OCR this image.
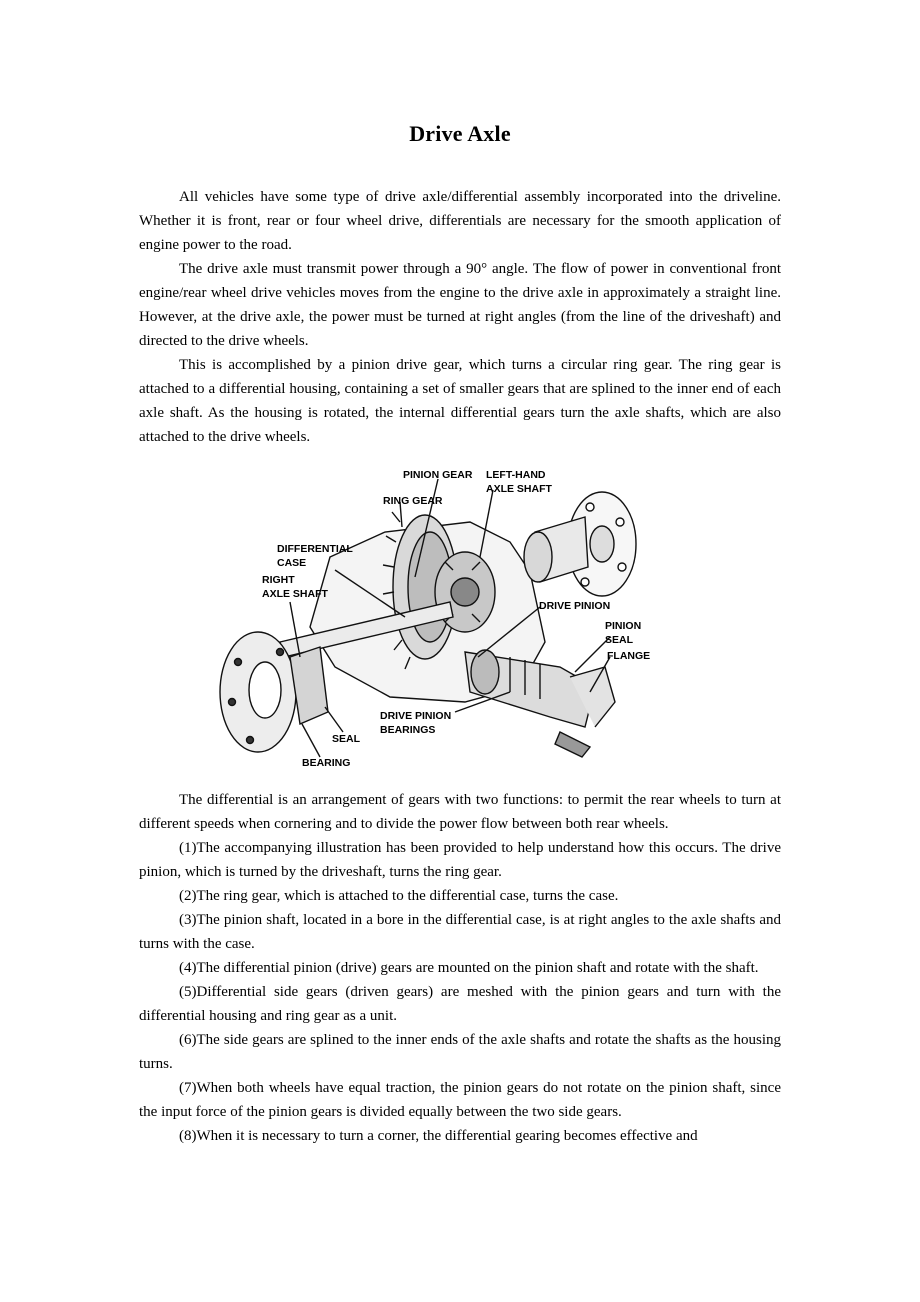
Drive Axle

All vehicles have some type of drive axle/differential assembly incorporated into the driveline. Whether it is front, rear or four wheel drive, differentials are necessary for the smooth application of engine power to the road.

The drive axle must transmit power through a 90° angle. The flow of power in conventional front engine/rear wheel drive vehicles moves from the engine to the drive axle in approximately a straight line. However, at the drive axle, the power must be turned at right angles (from the line of the driveshaft) and directed to the drive wheels.

This is accomplished by a pinion drive gear, which turns a circular ring gear. The ring gear is attached to a differential housing, containing a set of smaller gears that are splined to the inner end of each axle shaft. As the housing is rotated, the internal differential gears turn the axle shafts, which are also attached to the drive wheels.

PINION GEAR LEFT-HAND
AXLE SHAFT
RING GEAR
DIFFERENTIAL
CASE
RIGHT
AXLE SHAFT
DRIVE PINION
PINION
SEAL
FLANGE
DRIVE PINION
BEARINGS
SEAL
BEARING

The differential is an arrangement of gears with two functions: to permit the rear wheels to turn at different speeds when cornering and to divide the power flow between both rear wheels.

(1)The accompanying illustration has been provided to help understand how this occurs. The drive pinion, which is turned by the driveshaft, turns the ring gear.

(2)The ring gear, which is attached to the differential case, turns the case.

(3)The pinion shaft, located in a bore in the differential case, is at right angles to the axle shafts and turns with the case.

(4)The differential pinion (drive) gears are mounted on the pinion shaft and rotate with the shaft.

(5)Differential side gears (driven gears) are meshed with the pinion gears and turn with the differential housing and ring gear as a unit.

(6)The side gears are splined to the inner ends of the axle shafts and rotate the shafts as the housing turns.

(7)When both wheels have equal traction, the pinion gears do not rotate on the pinion shaft, since the input force of the pinion gears is divided equally between the two side gears.

(8)When it is necessary to turn a corner, the differential gearing becomes effective and
